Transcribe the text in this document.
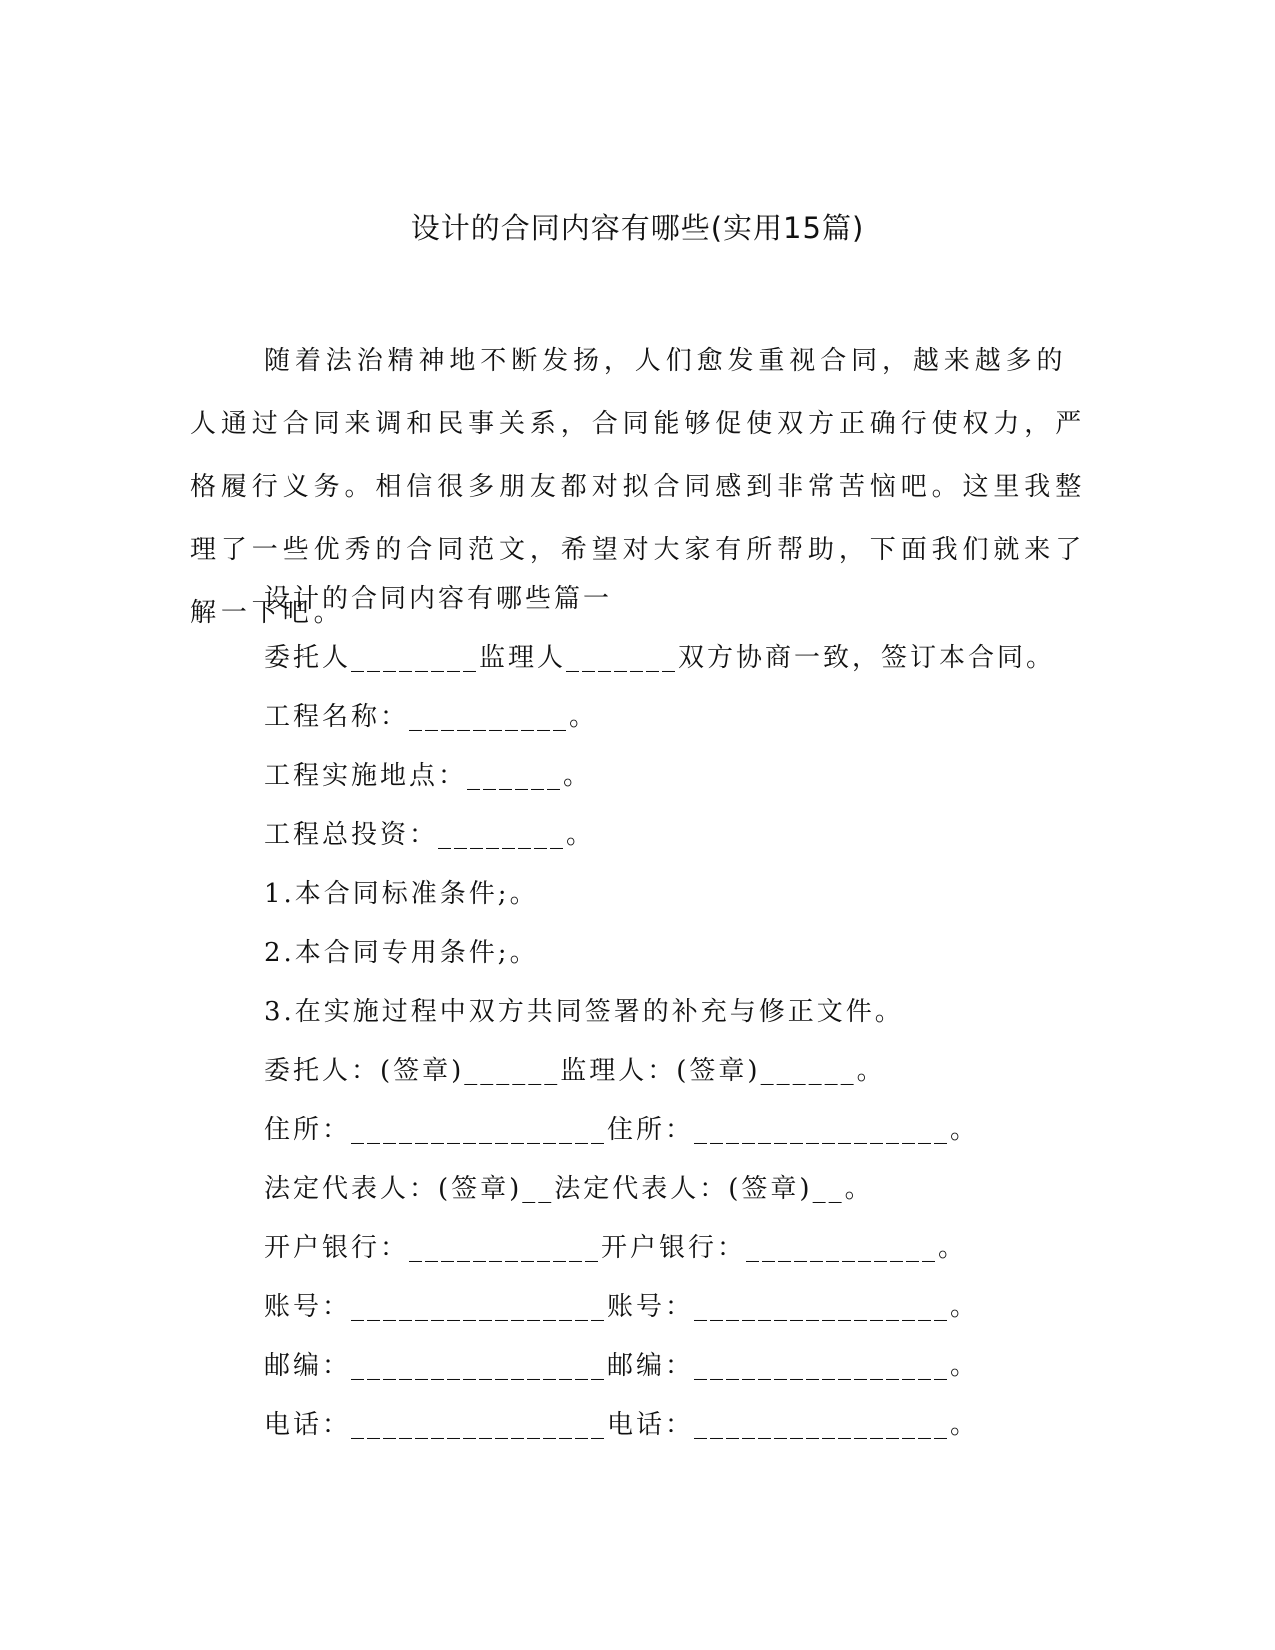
设计的合同内容有哪些(实用15篇)

随着法治精神地不断发扬，人们愈发重视合同，越来越多的人通过合同来调和民事关系，合同能够促使双方正确行使权力，严格履行义务。相信很多朋友都对拟合同感到非常苦恼吧。这里我整理了一些优秀的合同范文，希望对大家有所帮助，下面我们就来了解一下吧。

设计的合同内容有哪些篇一

委托人________监理人_______双方协商一致，签订本合同。

工程名称：__________。

工程实施地点：______。

工程总投资：________。

1.本合同标准条件;。

2.本合同专用条件;。

3.在实施过程中双方共同签署的补充与修正文件。

委托人：(签章)______监理人：(签章)______。

住所：________________住所：________________。

法定代表人：(签章)__法定代表人：(签章)__。

开户银行：____________开户银行：____________。

账号：________________账号：________________。

邮编：________________邮编：________________。

电话：________________电话：________________。
